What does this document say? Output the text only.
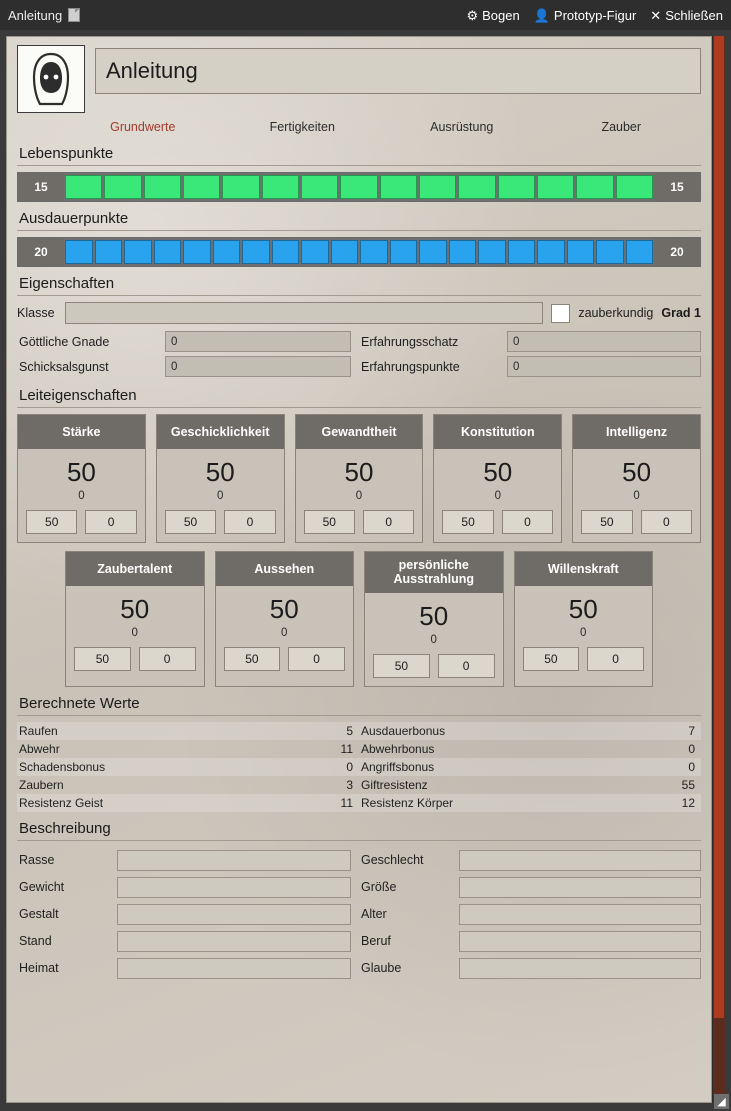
Anleitung	⚙ Bogen 👤 Prototyp-Figur ✕ Schließen
Anleitung
Grundwerte	Fertigkeiten	Ausrüstung	Zauber
Lebenspunkte
15	15
Ausdauerpunkte
20	20
Eigenschaften
Klasse	zauberkundig Grad 1
Göttliche Gnade	0	Erfahrungsschatz	0
Schicksalsgunst	0	Erfahrungspunkte	0
Leiteigenschaften
Stärke
50
0
50	0
Geschicklichkeit
50
0
50	0
Gewandtheit
50
0
50	0
Konstitution
50
0
50	0
Intelligenz
50
0
50	0
Zaubertalent
50
0
50	0
Aussehen
50
0
50	0
persönliche Ausstrahlung
50
0
50	0
Willenskraft
50
0
50	0
Berechnete Werte
Raufen	5 Ausdauerbonus	7
Abwehr	11 Abwehrbonus	0
Schadensbonus	0 Angriffsbonus	0
Zaubern	3 Giftresistenz	55
Resistenz Geist	11 Resistenz Körper	12
Beschreibung
Rasse	Geschlecht
Gewicht	Größe
Gestalt	Alter
Stand	Beruf
Heimat	Glaube
◢
